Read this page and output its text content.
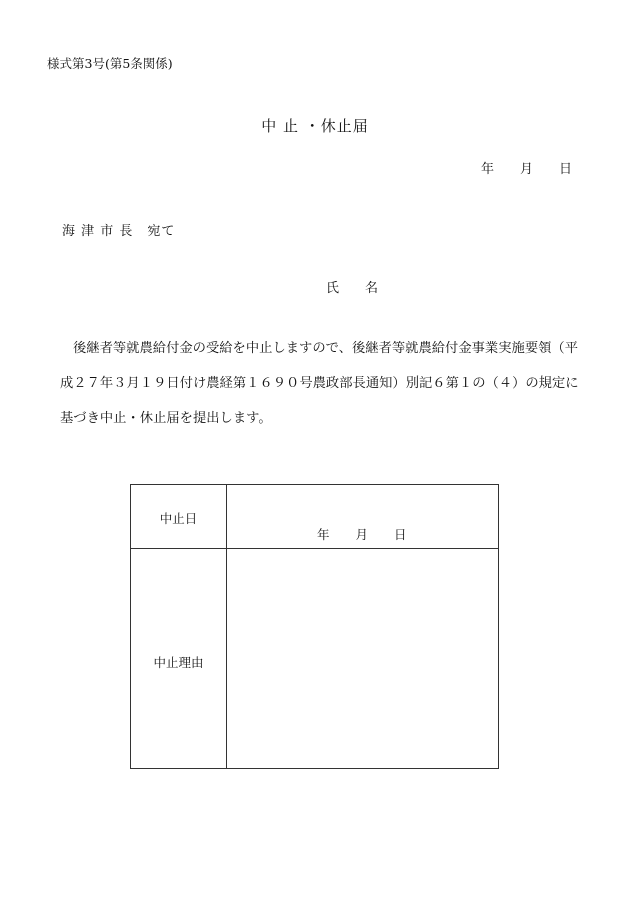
様式第3号(第5条関係)
中 止 ・休止届
年 月 日
海 津 市 長　宛て
氏 名
後継者等就農給付金の受給を中止しますので、後継者等就農給付金事業実施要領（平成２７年３月１９日付け農経第１６９０号農政部長通知）別記６第１の（４）の規定に基づき中止・休止届を提出します。
中止日
年 月 日
中止理由
